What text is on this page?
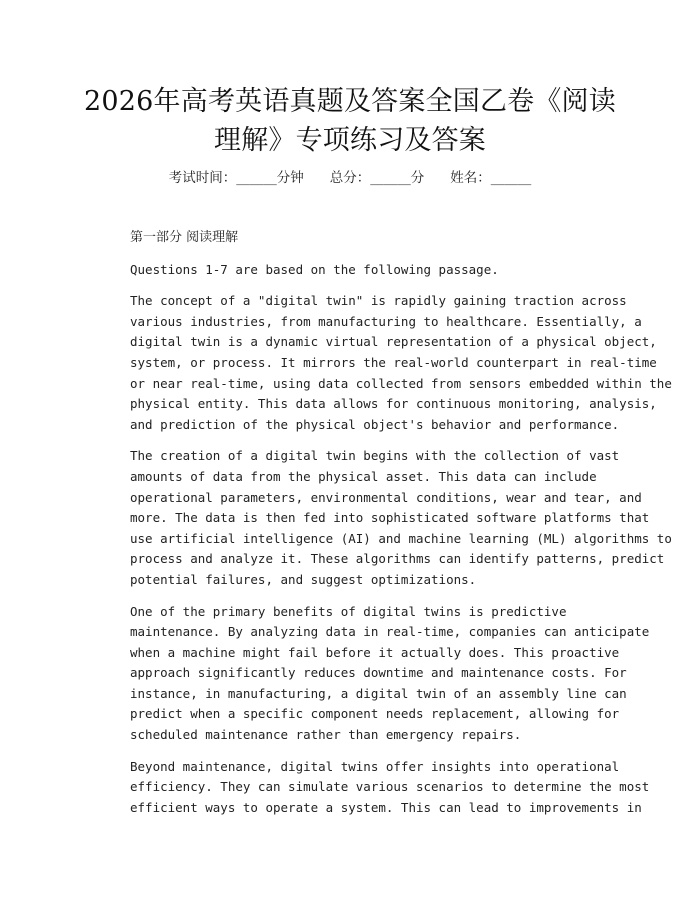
2026年高考英语真题及答案全国乙卷《阅读
理解》专项练习及答案
考试时间：______分钟 总分：______分 姓名：______
第一部分 阅读理解
Questions 1-7 are based on the following passage.
The concept of a "digital twin" is rapidly gaining traction across
various industries, from manufacturing to healthcare. Essentially, a
digital twin is a dynamic virtual representation of a physical object,
system, or process. It mirrors the real-world counterpart in real-time
or near real-time, using data collected from sensors embedded within the
physical entity. This data allows for continuous monitoring, analysis,
and prediction of the physical object's behavior and performance.
The creation of a digital twin begins with the collection of vast
amounts of data from the physical asset. This data can include
operational parameters, environmental conditions, wear and tear, and
more. The data is then fed into sophisticated software platforms that
use artificial intelligence (AI) and machine learning (ML) algorithms to
process and analyze it. These algorithms can identify patterns, predict
potential failures, and suggest optimizations.
One of the primary benefits of digital twins is predictive
maintenance. By analyzing data in real-time, companies can anticipate
when a machine might fail before it actually does. This proactive
approach significantly reduces downtime and maintenance costs. For
instance, in manufacturing, a digital twin of an assembly line can
predict when a specific component needs replacement, allowing for
scheduled maintenance rather than emergency repairs.
Beyond maintenance, digital twins offer insights into operational
efficiency. They can simulate various scenarios to determine the most
efficient ways to operate a system. This can lead to improvements in
